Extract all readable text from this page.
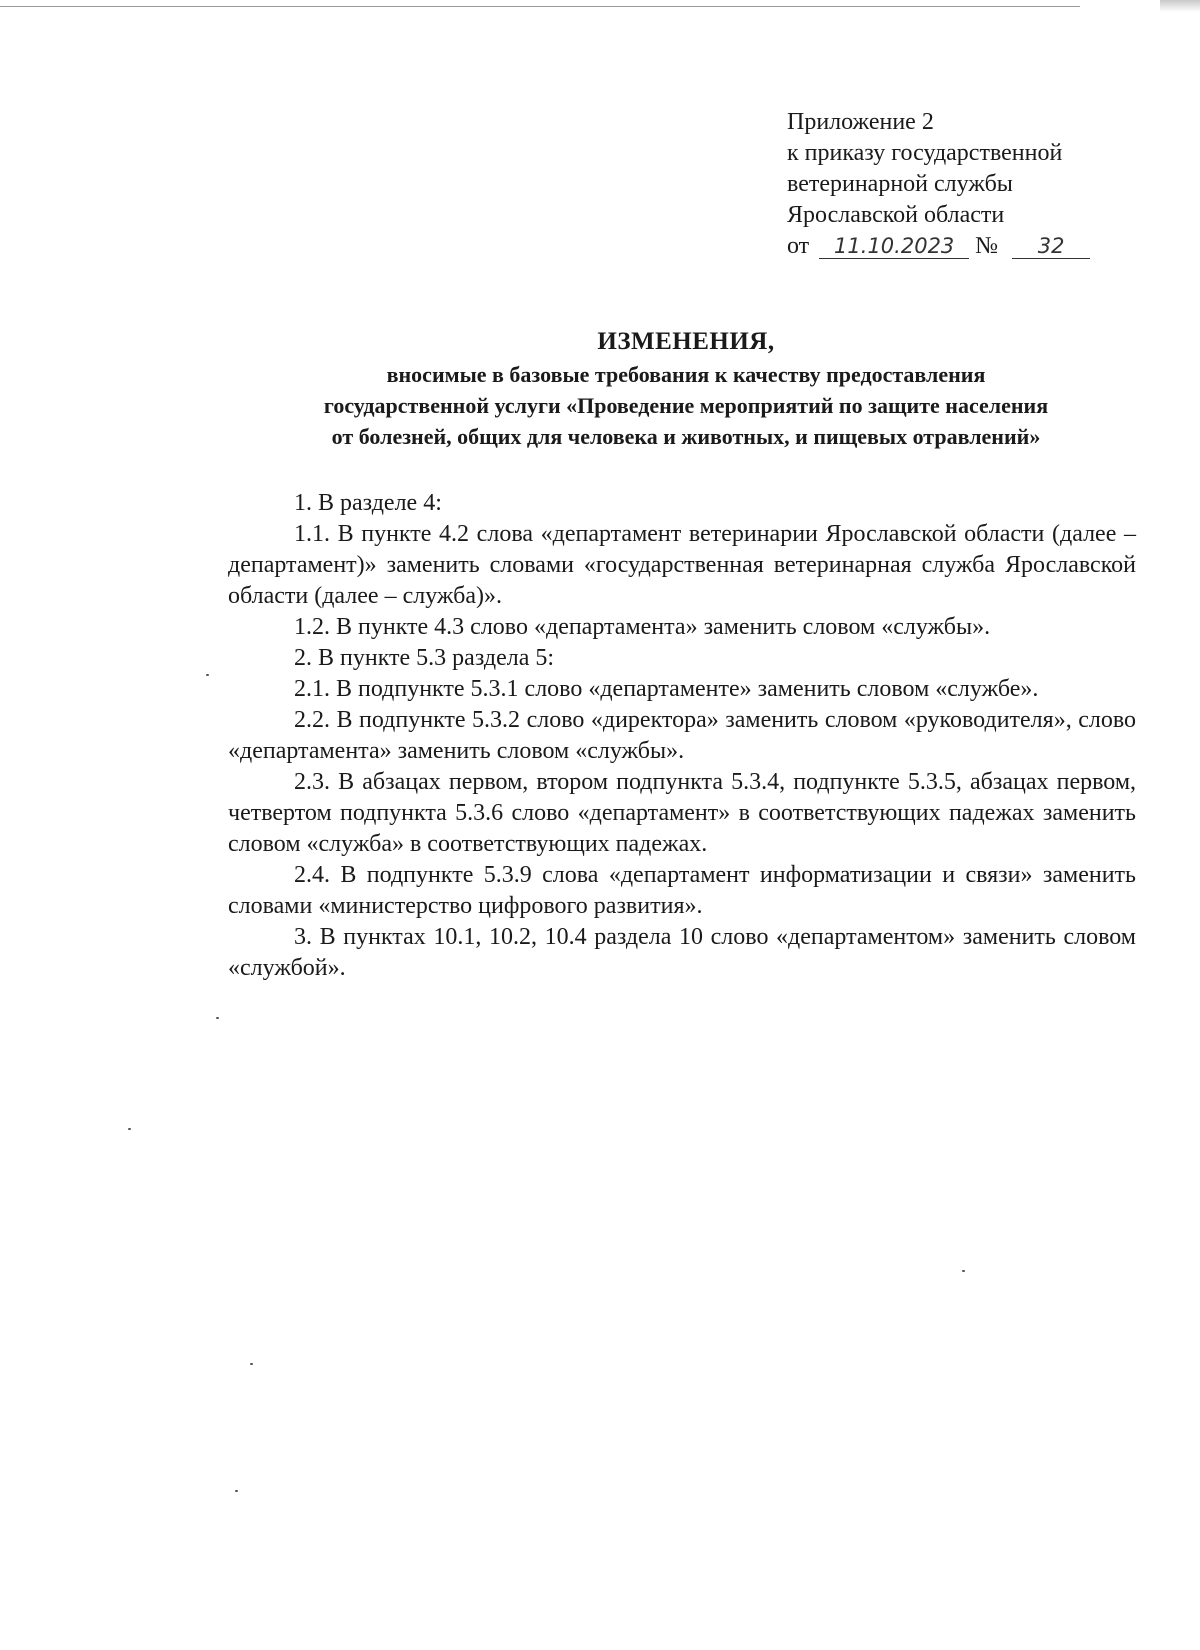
Приложение 2
к приказу государственной
ветеринарной службы
Ярославской области
от 11.10.2023 № 32
ИЗМЕНЕНИЯ,
вносимые в базовые требования к качеству предоставления
государственной услуги «Проведение мероприятий по защите населения
от болезней, общих для человека и животных, и пищевых отравлений»

1. В разделе 4:

1.1. В пункте 4.2 слова «департамент ветеринарии Ярославской области (далее – департамент)» заменить словами «государственная ветеринарная служба Ярославской области (далее – служба)».

1.2. В пункте 4.3 слово «департамента» заменить словом «службы».

2. В пункте 5.3 раздела 5:

2.1. В подпункте 5.3.1 слово «департаменте» заменить словом «службе».

2.2. В подпункте 5.3.2 слово «директора» заменить словом «руководителя», слово «департамента» заменить словом «службы».

2.3. В абзацах первом, втором подпункта 5.3.4, подпункте 5.3.5, абзацах первом, четвертом подпункта 5.3.6 слово «департамент» в соответствующих падежах заменить словом «служба» в соответствующих падежах.

2.4. В подпункте 5.3.9 слова «департамент информатизации и связи» заменить словами «министерство цифрового развития».

3. В пунктах 10.1, 10.2, 10.4 раздела 10 слово «департаментом» заменить словом «службой».
